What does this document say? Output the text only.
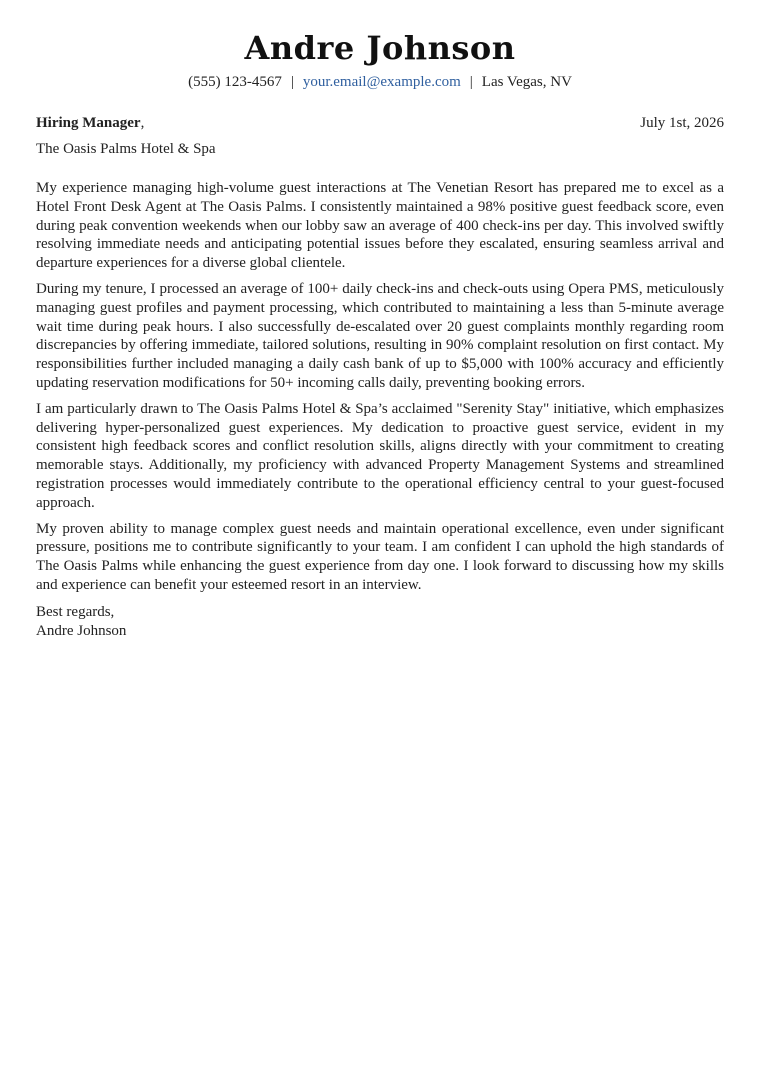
Andre Johnson
(555) 123-4567 | your.email@example.com | Las Vegas, NV
Hiring Manager,	July 1st, 2026
The Oasis Palms Hotel & Spa

My experience managing high-volume guest interactions at The Venetian Resort has prepared me to excel as a Hotel Front Desk Agent at The Oasis Palms. I consistently maintained a 98% positive guest feedback score, even during peak convention weekends when our lobby saw an average of 400 check-ins per day. This involved swiftly resolving immediate needs and anticipating potential issues before they escalated, ensuring seamless arrival and departure experiences for a diverse global clientele.

During my tenure, I processed an average of 100+ daily check-ins and check-outs using Opera PMS, meticulously managing guest profiles and payment processing, which contributed to maintaining a less than 5-minute average wait time during peak hours. I also successfully de-escalated over 20 guest complaints monthly regarding room discrepancies by offering immediate, tailored solutions, resulting in 90% complaint resolution on first contact. My responsibilities further included managing a daily cash bank of up to $5,000 with 100% accuracy and efficiently updating reservation modifications for 50+ incoming calls daily, preventing booking errors.

I am particularly drawn to The Oasis Palms Hotel & Spa’s acclaimed "Serenity Stay" initiative, which emphasizes delivering hyper-personalized guest experiences. My dedication to proactive guest service, evident in my consistent high feedback scores and conflict resolution skills, aligns directly with your commitment to creating memorable stays. Additionally, my proficiency with advanced Property Management Systems and streamlined registration processes would immediately contribute to the operational efficiency central to your guest-focused approach.

My proven ability to manage complex guest needs and maintain operational excellence, even under significant pressure, positions me to contribute significantly to your team. I am confident I can uphold the high standards of The Oasis Palms while enhancing the guest experience from day one. I look forward to discussing how my skills and experience can benefit your esteemed resort in an interview.

Best regards,
Andre Johnson
